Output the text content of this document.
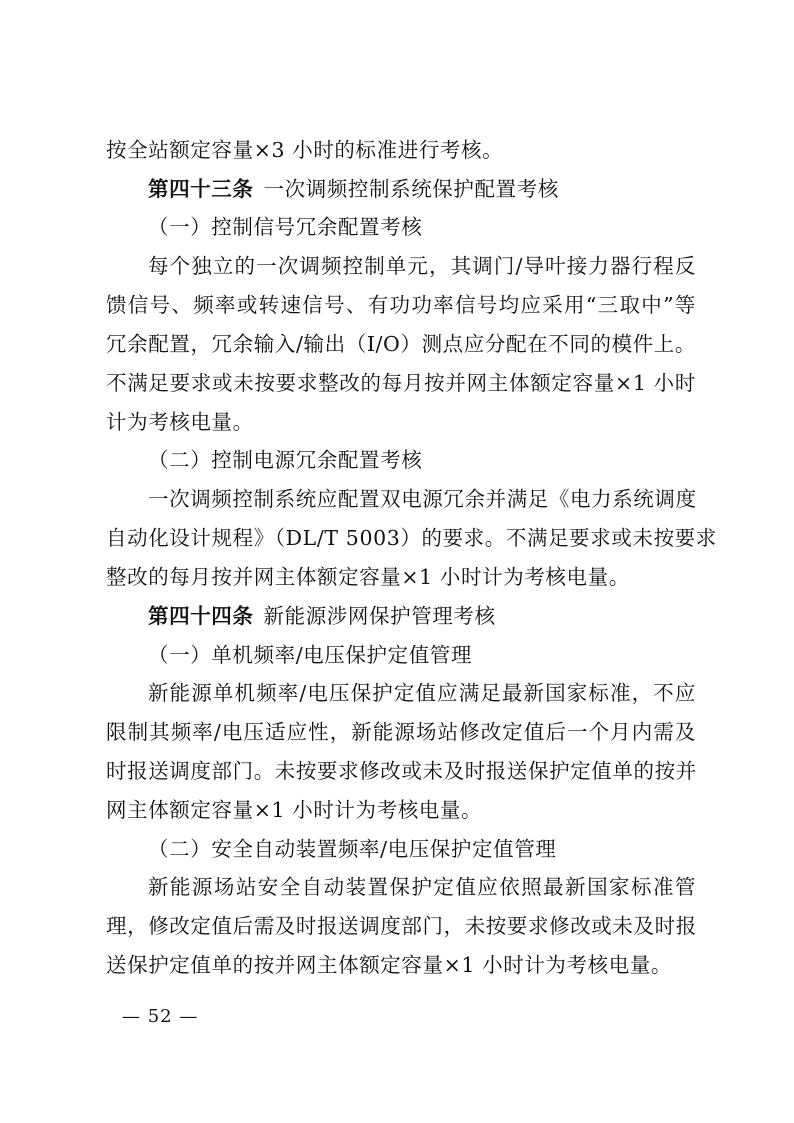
按全站额定容量×3 小时的标准进行考核。
第四十三条 一次调频控制系统保护配置考核
（一）控制信号冗余配置考核
每个独立的一次调频控制单元，其调门/导叶接力器行程反
馈信号、频率或转速信号、有功功率信号均应采用“三取中”等
冗余配置，冗余输入/输出（I/O）测点应分配在不同的模件上。
不满足要求或未按要求整改的每月按并网主体额定容量×1 小时
计为考核电量。
（二）控制电源冗余配置考核
一次调频控制系统应配置双电源冗余并满足《电力系统调度
自动化设计规程》（DL/T 5003）的要求。不满足要求或未按要求
整改的每月按并网主体额定容量×1 小时计为考核电量。
第四十四条 新能源涉网保护管理考核
（一）单机频率/电压保护定值管理
新能源单机频率/电压保护定值应满足最新国家标准，不应
限制其频率/电压适应性，新能源场站修改定值后一个月内需及
时报送调度部门。未按要求修改或未及时报送保护定值单的按并
网主体额定容量×1 小时计为考核电量。
（二）安全自动装置频率/电压保护定值管理
新能源场站安全自动装置保护定值应依照最新国家标准管
理，修改定值后需及时报送调度部门，未按要求修改或未及时报
送保护定值单的按并网主体额定容量×1 小时计为考核电量。
— 52 —
